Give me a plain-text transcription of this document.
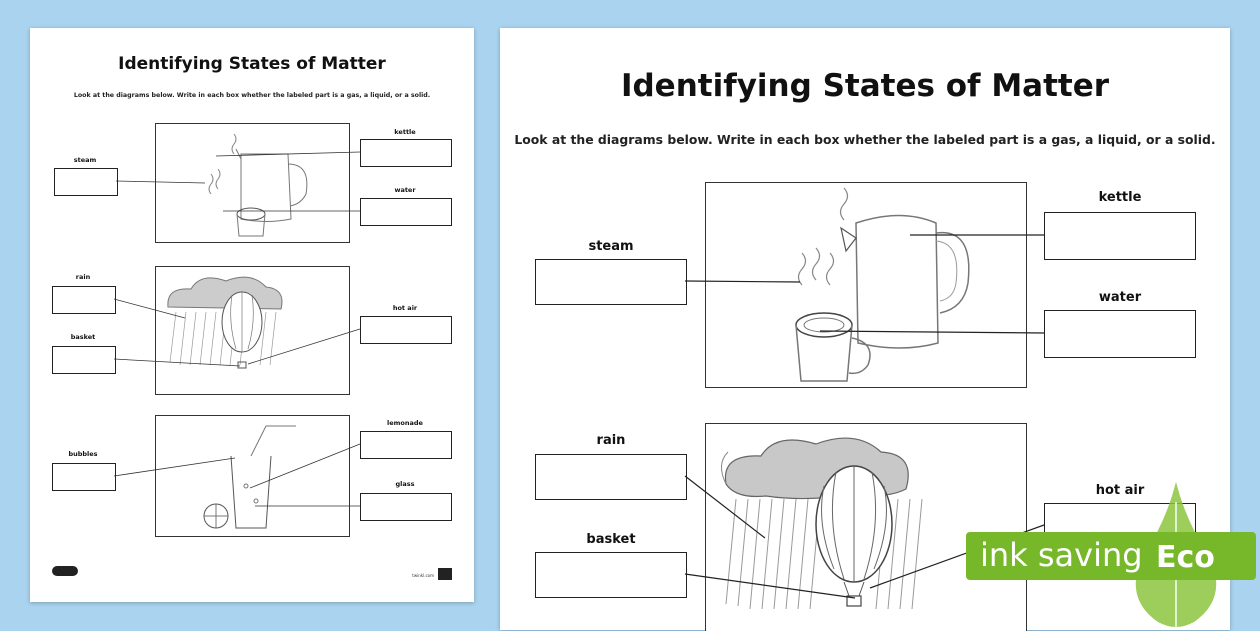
Identifying States of Matter
Look at the diagrams below. Write in each box whether the labeled part is a gas, a liquid, or a solid.
steam
kettle
water
rain
basket
hot air
bubbles
lemonade
glass
twinkl.com
Identifying States of Matter
Look at the diagrams below. Write in each box whether the labeled part is a gas, a liquid, or a solid.
steam
kettle
water
rain
basket
hot air
ink saving Eco
